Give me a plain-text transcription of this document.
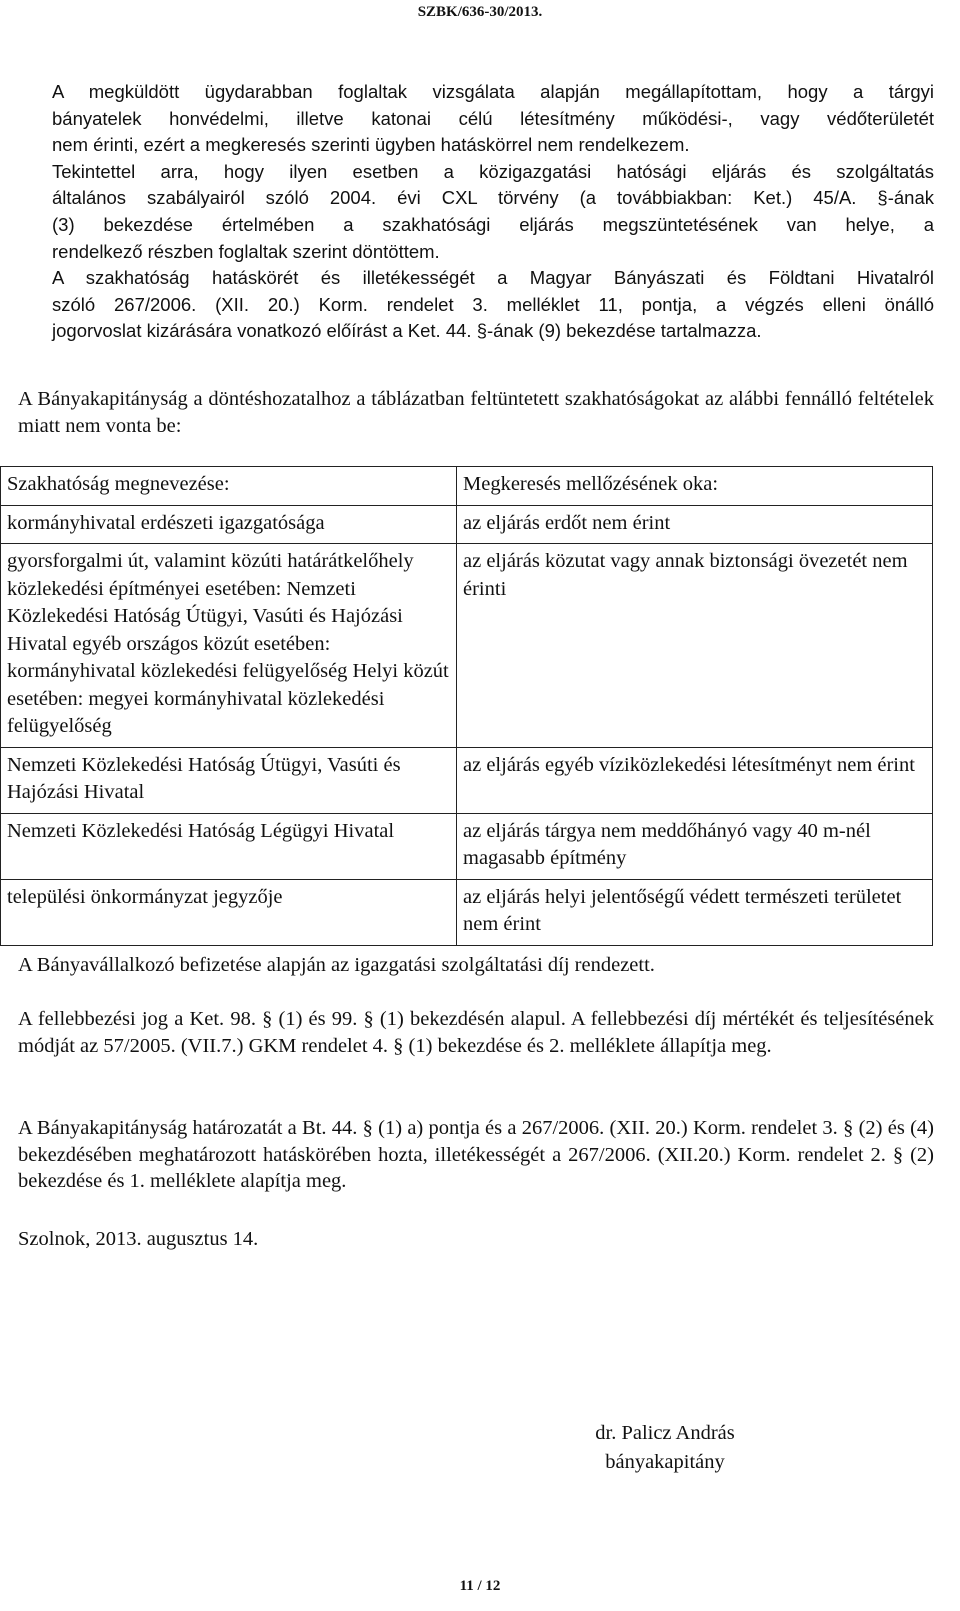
SZBK/636-30/2013.
A megküldött ügydarabban foglaltak vizsgálata alapján megállapítottam, hogy a tárgyi
bányatelek honvédelmi, illetve katonai célú létesítmény működési-, vagy védőterületét
nem érinti, ezért a megkeresés szerinti ügyben hatáskörrel nem rendelkezem.
Tekintettel arra, hogy ilyen esetben a közigazgatási hatósági eljárás és szolgáltatás
általános szabályairól szóló 2004. évi CXL törvény (a továbbiakban: Ket.) 45/A. §-ának
(3) bekezdése értelmében a szakhatósági eljárás megszüntetésének van helye, a
rendelkező részben foglaltak szerint döntöttem.
A szakhatóság hatáskörét és illetékességét a Magyar Bányászati és Földtani Hivatalról
szóló 267/2006. (XII. 20.) Korm. rendelet 3. melléklet 11, pontja, a végzés elleni önálló
jogorvoslat kizárására vonatkozó előírást a Ket. 44. §-ának (9) bekezdése tartalmazza.

A Bányakapitányság a döntéshozatalhoz a táblázatban feltüntetett szakhatóságokat az alábbi fennálló feltételek miatt nem vonta be:

Szakhatóság megnevezése:	Megkeresés mellőzésének oka:
kormányhivatal erdészeti igazgatósága	az eljárás erdőt nem érint
gyorsforgalmi út, valamint közúti határátkelőhely közlekedési építményei esetében: Nemzeti Közlekedési Hatóság Útügyi, Vasúti és Hajózási Hivatal egyéb országos közút esetében: kormányhivatal közlekedési felügyelőség Helyi közút esetében: megyei kormányhivatal közlekedési felügyelőség	az eljárás közutat vagy annak biztonsági övezetét nem érinti
Nemzeti Közlekedési Hatóság Útügyi, Vasúti és Hajózási Hivatal	az eljárás egyéb víziközlekedési létesítményt nem érint
Nemzeti Közlekedési Hatóság Légügyi Hivatal	az eljárás tárgya nem meddőhányó vagy 40 m-nél magasabb építmény
települési önkormányzat jegyzője	az eljárás helyi jelentőségű védett természeti területet nem érint

A Bányavállalkozó befizetése alapján az igazgatási szolgáltatási díj rendezett.

A fellebbezési jog a Ket. 98. § (1) és 99. § (1) bekezdésén alapul. A fellebbezési díj mértékét és teljesítésének módját az 57/2005. (VII.7.) GKM rendelet 4. § (1) bekezdése és 2. melléklete állapítja meg.

A Bányakapitányság határozatát a Bt. 44. § (1) a) pontja és a 267/2006. (XII. 20.) Korm. rendelet 3. § (2) és (4) bekezdésében meghatározott hatáskörében hozta, illetékességét a 267/2006. (XII.20.) Korm. rendelet 2. § (2) bekezdése és 1. melléklete alapítja meg.

Szolnok, 2013. augusztus 14.

dr. Palicz András
bányakapitány
11 / 12
